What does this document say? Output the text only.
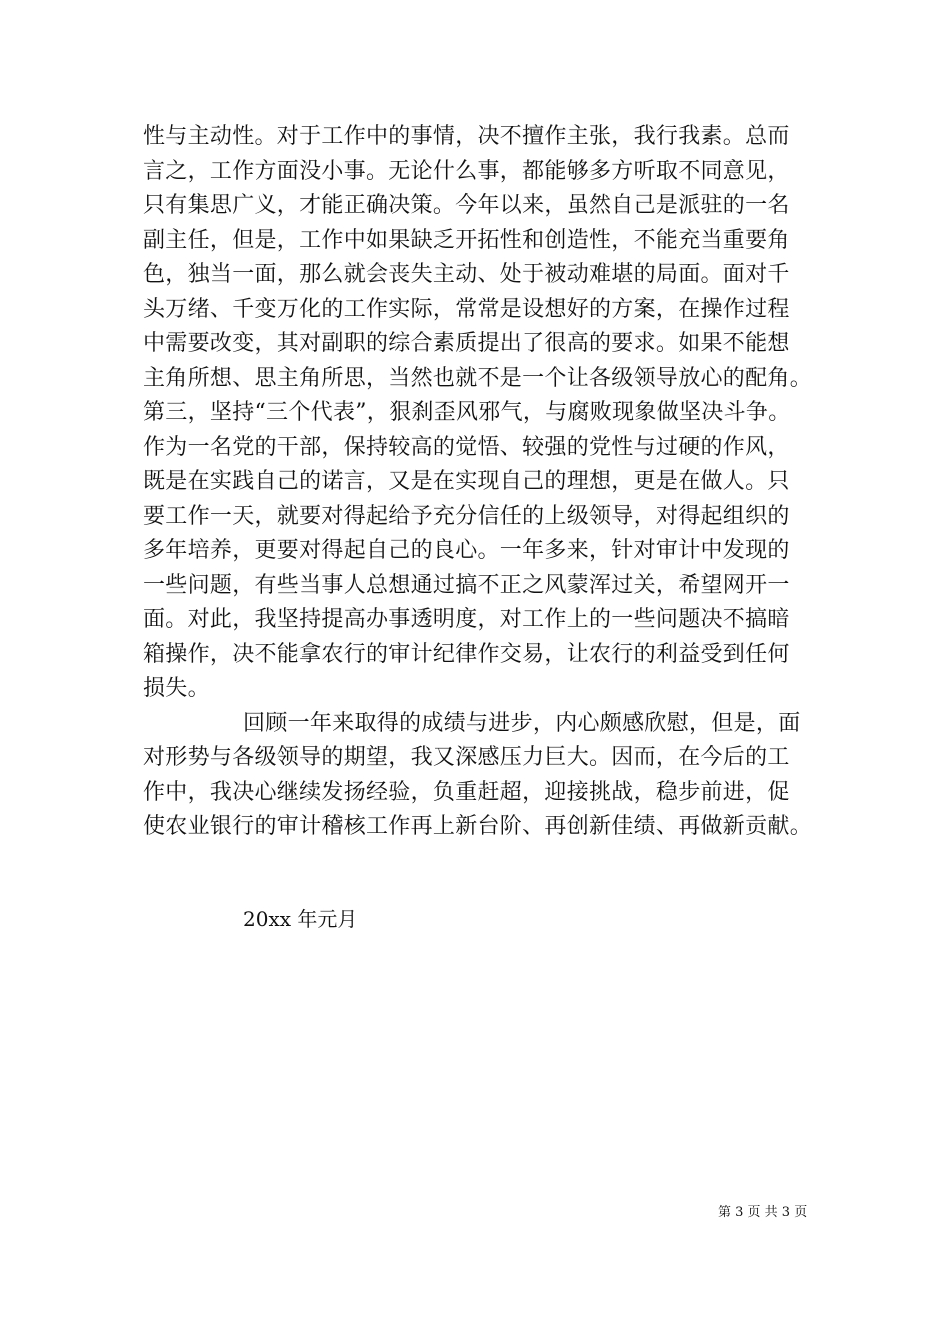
性与主动性。对于工作中的事情，决不擅作主张，我行我素。总而
言之，工作方面没小事。无论什么事，都能够多方听取不同意见，
只有集思广义，才能正确决策。今年以来，虽然自己是派驻的一名
副主任，但是，工作中如果缺乏开拓性和创造性，不能充当重要角
色，独当一面，那么就会丧失主动、处于被动难堪的局面。面对千
头万绪、千变万化的工作实际，常常是设想好的方案，在操作过程
中需要改变，其对副职的综合素质提出了很高的要求。如果不能想
主角所想、思主角所思，当然也就不是一个让各级领导放心的配角。
第三，坚持“三个代表”，狠刹歪风邪气，与腐败现象做坚决斗争。
作为一名党的干部，保持较高的觉悟、较强的党性与过硬的作风，
既是在实践自己的诺言，又是在实现自己的理想，更是在做人。只
要工作一天，就要对得起给予充分信任的上级领导，对得起组织的
多年培养，更要对得起自己的良心。一年多来，针对审计中发现的
一些问题，有些当事人总想通过搞不正之风蒙浑过关，希望网开一
面。对此，我坚持提高办事透明度，对工作上的一些问题决不搞暗
箱操作，决不能拿农行的审计纪律作交易，让农行的利益受到任何
损失。
回顾一年来取得的成绩与进步，内心颇感欣慰，但是，面
对形势与各级领导的期望，我又深感压力巨大。因而，在今后的工
作中，我决心继续发扬经验，负重赶超，迎接挑战，稳步前进，促
使农业银行的审计稽核工作再上新台阶、再创新佳绩、再做新贡献。
20xx 年元月
第 3 页 共 3 页
